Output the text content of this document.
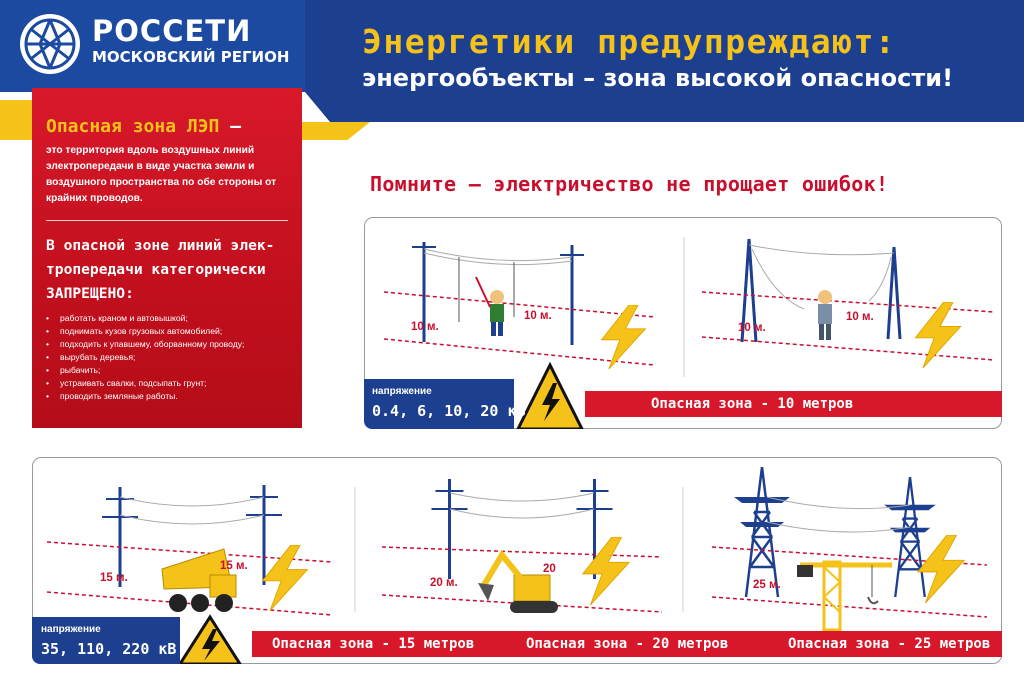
РОССЕТИ
МОСКОВСКИЙ РЕГИОН Энергетики предупреждают:
энергообъекты – зона высокой опасности!
Опасная зона ЛЭП –
это территория вдоль воздушных линий электропередачи в виде участка земли и воздушного пространства по обе стороны от крайних проводов.
В опасной зоне линий элек-тропередачи категорически
ЗАПРЕЩЕНО:
• работать краном и автовышкой;
• поднимать кузов грузовых автомобилей;
• подходить к упавшему, оборванному проводу;
• вырубать деревья;
• рыбачить;
• устраивать свалки, подсыпать грунт;
• проводить земляные работы.
Помните – электричество не прощает ошибок!
10 м.
10 м.
10 м.
10 м.
напряжение
0.4, 6, 10, 20 кВ	Опасная зона - 10 метров
15 м.
15 м.
20 м.
20
25 м.
напряжение
35, 110, 220 кВ	Опасная зона - 15 метров	Опасная зона - 20 метров	Опасная зона - 25 метров
